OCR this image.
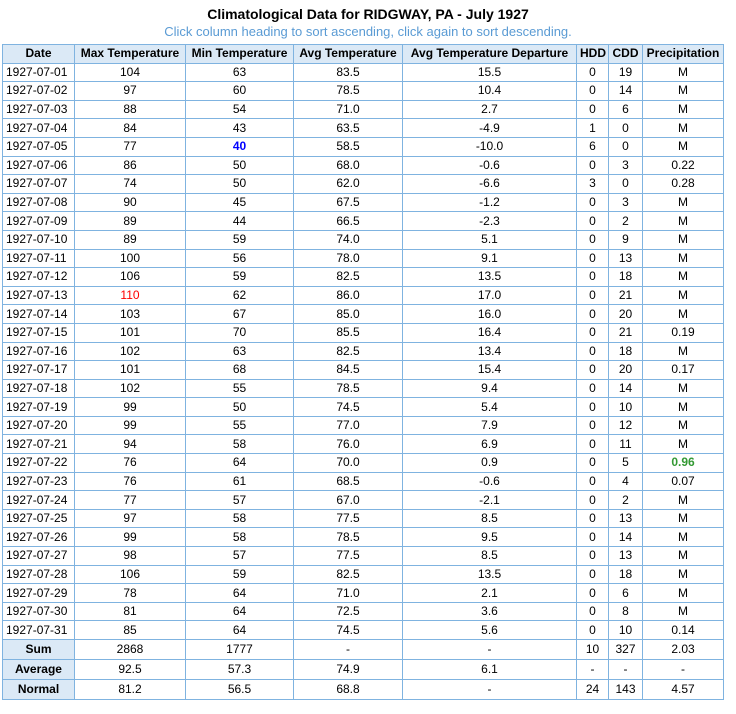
Climatological Data for RIDGWAY, PA - July 1927
Click column heading to sort ascending, click again to sort descending.
Date	Max Temperature	Min Temperature	Avg Temperature	Avg Temperature Departure	HDD	CDD	Precipitation
1927-07-01	104	63	83.5	15.5	0	19	M
1927-07-02	97	60	78.5	10.4	0	14	M
1927-07-03	88	54	71.0	2.7	0	6	M
1927-07-04	84	43	63.5	-4.9	1	0	M
1927-07-05	77	40	58.5	-10.0	6	0	M
1927-07-06	86	50	68.0	-0.6	0	3	0.22
1927-07-07	74	50	62.0	-6.6	3	0	0.28
1927-07-08	90	45	67.5	-1.2	0	3	M
1927-07-09	89	44	66.5	-2.3	0	2	M
1927-07-10	89	59	74.0	5.1	0	9	M
1927-07-11	100	56	78.0	9.1	0	13	M
1927-07-12	106	59	82.5	13.5	0	18	M
1927-07-13	110	62	86.0	17.0	0	21	M
1927-07-14	103	67	85.0	16.0	0	20	M
1927-07-15	101	70	85.5	16.4	0	21	0.19
1927-07-16	102	63	82.5	13.4	0	18	M
1927-07-17	101	68	84.5	15.4	0	20	0.17
1927-07-18	102	55	78.5	9.4	0	14	M
1927-07-19	99	50	74.5	5.4	0	10	M
1927-07-20	99	55	77.0	7.9	0	12	M
1927-07-21	94	58	76.0	6.9	0	11	M
1927-07-22	76	64	70.0	0.9	0	5	0.96
1927-07-23	76	61	68.5	-0.6	0	4	0.07
1927-07-24	77	57	67.0	-2.1	0	2	M
1927-07-25	97	58	77.5	8.5	0	13	M
1927-07-26	99	58	78.5	9.5	0	14	M
1927-07-27	98	57	77.5	8.5	0	13	M
1927-07-28	106	59	82.5	13.5	0	18	M
1927-07-29	78	64	71.0	2.1	0	6	M
1927-07-30	81	64	72.5	3.6	0	8	M
1927-07-31	85	64	74.5	5.6	0	10	0.14
Sum	2868	1777	-	-	10	327	2.03
Average	92.5	57.3	74.9	6.1	-	-	-
Normal	81.2	56.5	68.8	-	24	143	4.57
